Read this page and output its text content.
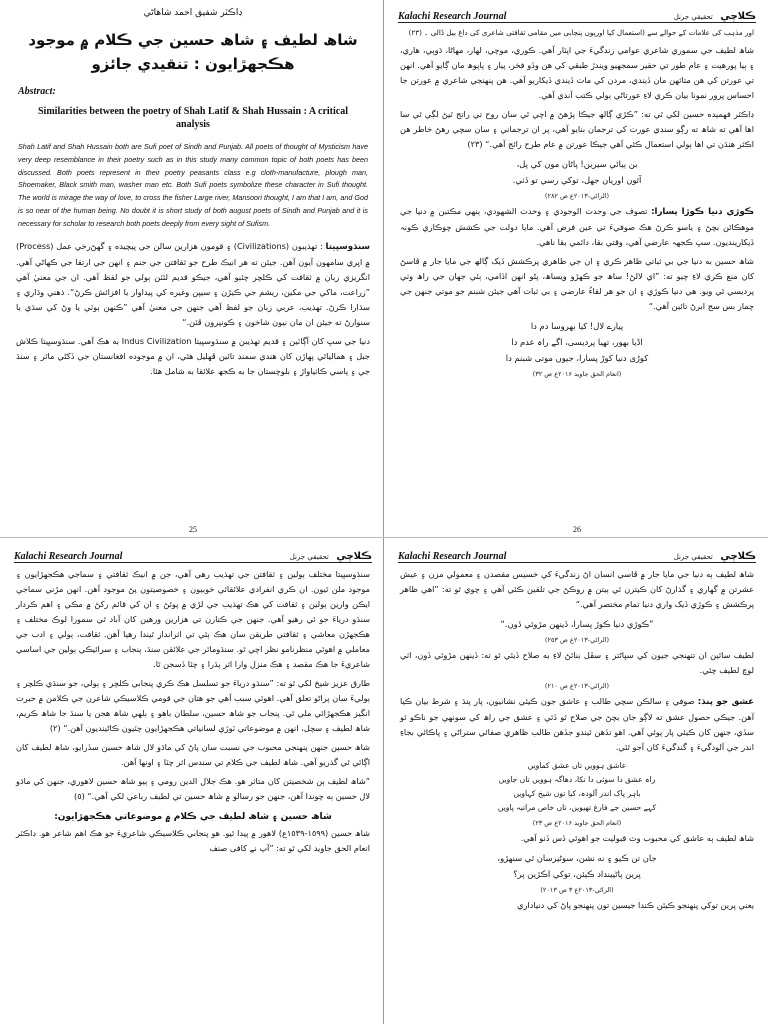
ڊاڪٽر شفيق احمد شاهاڻي
شاھ لطيف ۽ شاھ حسين جي ڪلام ۾ موجود
هڪجهڙايون : تنقيدي جائزو
Abstract:
Similarities between the poetry of Shah Latif & Shah Hussain : A critical analysis
Shah Latif and Shah Hussain both are Sufi poet of Sindh and Punjab. All poets of thought of Mysticism have very deep resemblance in their poetry such as in this study many common topic of both poets has been discussed. Both poets represent in their poetry peasants class e.g cloth-manufacture, plough man, Shoemaker, Black smith man, washer man etc. Both Sufi poets symbolize these character in Sufi thought. The world is mirage the way of love, to cross the fisher Large river, Mansoori thought, I am that I am, and God is so near of the human being. No doubt it is short study of both august poets of Sindh and Punjab and it is necessary for scholar to research both poets deeply from every sight of Sufism.
سنڌوسڀيتا : تهذيبون (Civilizations) ۽ قومون هزارين سالن جي پيچيده ۽ گهڻ‌رخي عمل (Process) ۾ اڀري سامهون آيون آهن. جيئن ته هر انيڪ طرح جو ثقافتن جي جنم ۽ انهن جي ارتقا جي ڪهاڻي آهي. انگريزي زبان ۾ ثقافت کي ڪلچر چئبو آهي، جيڪو قديم لئٽن ٻولي جو لفظ آهي. ان جي معنيٰ آهي ”زراعت، ماکي جي مکين، ريشم جي ڪيڙن ۽ سيپن وغيره کي پيداوار يا افزائش ڪرڻ“. ذهني وڌاري ۽ سڌارا ڪرڻ. تهذيب، عربي زبان جو لفظ آهي جنهن جي معنيٰ آهي ”ڪنهن ٻوٽي يا وڻ کي سڌي يا سنوارڻ ته جيئن ان مان نيون شاخون ۽ ڪونپرون ڦٽن.“
دنيا جي سڀ کان آڳاٽين ۽ قديم تهذيبن ۾ سنڌوسڀيتا Indus Civilization به هڪ آهي. سنڌوسڀيتا ڪلاش جبل ۽ هماليائي پهاڙن کان هندي سمنڊ تائين ڦهليل هئي، ان ۾ موجوده افغانستان جي ڏکڻي ماٿر ۽ سنڌ جي ۽ پاسي ڪاٺياواڙ ۽ بلوچستان جا به ڪجھ علائقا به شامل هئا.
25
Kalachi Research Journal	ڪلاچي تحقيقي جرنل
اور مذہب کی علامات کے حوالے سے (استعمال کیا اوریوں پنجابی میں مقامی ثقافتی شاعری کی داغ بیل ڈالی ۔ (۲۳)
شاھ لطيف جي سموري شاعري عوامي زندگيءَ جي اپٽار آهي. ڪوري، موچي، لهار، مهاڻا، ڌوٻي، هاري، ۽ ٻيا پورهيت ۽ عام طور تي حقير سمجهيو ويندڙ طبقي کي هن وڏو فخر، پيار ۽ پاپوھ مان ڳايو آهي. انهن تي عورتن کي هن متاثهن مان ڏيندي، مردن کي مات ڏيندي ڏيکاريو آهي. هن پنهنجي شاعري ۾ عورتن جا احساس پرور نمونا بيان ڪري لاءِ عورتاڻي ٻولي ڪتب آندي آهي.
ڊاڪٽر فهميده حسين لکي ٿي ته: ”ڪڙي ڳالھ جيڪا پڙهڻ ۾ اچي ٿي سان روح تي راتج ٿيڻ لڳي ٿي سا اها آهي ته شاھ ته رڳو سندي عورت کي ترجمان بنايو آهي، پر ان ترجماني ۽ سان سچي رهڻ خاطر هن اڪثر هنڌن تي اها ٻولي استعمال ڪئي آهي جيڪا عورتن ۾ عام طرح رائج آهي.“ (٢٣)
بن ٻيائي سيرين! پاڻان مون کي پل،
آئون اوريان جهل، توکي رسي تو ڏٺي.
(الراڻي-٢٠١٣ع ص ٢٨٢)
ڪوڙي دنيا ڪوڙا پسارا: تصوف جي وحدت الوجودي ۽ وحدت الشهودي، ٻنهي مڪتبن ۾ دنيا جي موهڪائن بچڻ ۽ ياسو ڪرڻ هڪ صوفيءَ تي عين فرض آهي. مايا دولت جي ڪشش چوڪاري ڪونہ ڏيکارينديون. سڀ ڪجهہ عارضي آهي، وقتي بقا، دائمي بقا ناهي.
شاھ حسين به دنيا جي بي ثباتي ظاهر ڪري ۽ ان جي ظاهري پرڪشش ڏيک ڳالھ جي مايا جار ۾ ڦاسڻ کان منع ڪري لاءِ چيو ته: ”اي لالڻ! ساھ جو ڪهڙو ويساھ، پڻو انهن اڏامي، ٻئي جهان جي راھ وٺي پرديسي ٿي ويو. هي دنيا ڪوڙي ۽ ان جو هر لقاءُ عارضي ۽ بي ثبات آهي جيئن شبنم جو موتي جنهن جي چمار بس سج ابرڻ تائين آهي.“
پیارے لال! کیا بھروسا دم دا
اڈیا بھور، تھیا پردیسی، اگے راہ عدم دا
کوڑی دنیا کوڑ پسارا، جیوں موتی شبنم دا
(انعام الحق جاوید ۲۰۱۶ع ص ۳۲)
26
Kalachi Research Journal	ڪلاچي تحقيقي جرنل
سنڌوسڀيتا مختلف ٻولين ۽ ثقافتن جي تهذيب رهي آهي، جن ۾ انيڪ ثقافتي ۽ سماجي هڪجهڙايون ۽ موجود ملن ٿيون. ان ڪري انفرادي علائقائي خوبيون ۽ خصوصيتون پڻ موجود آهن. انهن مڙني سماجي ايڪن وارين ٻولين ۽ ثقافت کي هڪ تهذيب جي لڙي ۾ پوئڻ ۽ ان کي قائم رکڻ ۾ مڪي ۽ اهم ڪردار سنڌو درياءَ جو ئي رهيو آهي. جنهن جي ڪنارن تي هزارين ورهين کان آباد ٿي سمورا لوڪ مختلف ۽ هڪجهڙن معاشي ۽ ثقافتي طريقن سان هڪ ٻئي تي اثرانداز ٿيندا رهيا آهن. ثقافت، ٻولي ۽ ادب جي معاملي ۾ اهوئي منظرنامو نظر اچي ٿو. سنڌوماٿر جي علائقن سنڌ، پنجاب ۽ سرائيڪي ٻولين جي اساسي شاعريءَ جا هڪ مقصد ۽ هڪ منزل وارا اثر پڌرا ۽ چٽا ڏسجن ٿا.
طارق عزيز شيخ لکي ٿو ته: ”سنڌو درياءَ جو تسلسل هڪ ڪري پنجابي ڪلچر ۽ ٻولي، جو سنڌي ڪلچر ۽ ٻوليءَ سان پراڻو تعلق آهي. اهوئي سبب آهي جو هتان جي قومي ڪلاسيڪي شاعرن جي ڪلامن ۾ حيرت انگيز هڪجهڙائي ملي ٿي. پنجاب جو شاھ حسين، سلطان باهو ۽ ٻلهي شاھ هجن يا سنڌ جا شاھ ڪريم، شاھ لطيف ۽ سچل، انهن ۾ موضوعاتي ٽوڙي لسانياتي هڪجهڙايون چٽيون ڪاڻينديون آهن.“ (٢)
شاھ حسين جنهن پنهنجي محبوب جي نسبت سان پاڻ کي ماڌو لال شاھ حسين سڏرايو، شاھ لطيف کان اڳائي ٿي گذريو آهي. شاھ لطيف جي ڪلام تي سندس اثر چٽا ۽ اونها آهن.
”شاھ لطيف ٻن شخصيتن کان متاثر هو. هڪ جلال الدين رومي ۽ ٻيو شاھ حسين لاهوري، جنهن کي ماڌو لال حسين ٻه چوندا آهن، جنهن جو رسالو ۾ شاھ حسين تي لطيف رباعي لکي آهي.“ (٥)
شاھ حسين ۽ شاھ لطيف جي ڪلام ۾ موضوعاتي هڪجهڙايون:
شاھ حسين (١٥٩٩-١٥٣٩ع) لاهور ۾ پيدا ٿيو. هو پنجابي ڪلاسيڪي شاعريءَ جو هڪ اهم شاعر هو. ڊاڪٽر انعام الحق جاويد لکي ٿو ته: ”آپ نے کافی صنف
Kalachi Research Journal	ڪلاچي تحقيقي جرنل
شاھ لطيف ٻه دنيا جي مايا جار ۾ ڦاسي انسان اڻ زندگيءَ کي خسيس مقصدن ۽ معمولي مزن ۽ عيش عشرتن ۾ گهاري ۽ گذارڻ کان ڪيترن ئي ٻيتن ۾ روڪڻ جي تلقين ڪئي آهي ۽ چوي ٿو ته: ”اهي ظاهر پرڪشش ۽ ڪوڙي ڏيک واري دنيا تمام مختصر آهي.“
”ڪوڙي دنيا ڪوڙ پسارا، ڏينهن مڙوئي ڏون.“
(الراڻي-٢٠١٣ع ص ٢٥٣)
لطيف سائين ان تنهنجي جيون کي سڀاڻتر ۽ سڦل بنائڻ لاءِ به صلاح ڏيئي ٿو ته: ڏينهن مڙوئي ڏون، اثي لوچ لطيف چئي.
(الراڻي-٢٠١٣ع ص ٢١٠)
عشق جو پنڌ: صوفي ۽ سالڪن سچي طالب ۽ عاشق جون ڪيئي نشانيون، پار پنڌ ۽ شرط بيان ڪيا آهن. جيڪي حصول عشق ته لاڳو جان بچڻ جي صلاح ٿو ڏئي ۽ عشق جي راھ کي سونهي جو ناڪو ٿو سڏي، جنهن کان ڪيئي پار پوئي آهي. اهو تڏهن ٿيندو جڏهن طالب ظاهري صفائي ستراڻي ۽ پاڪائي بجاءِ اندر جي آلودگيءَ ۽ گندگيءَ کان آجو ٿئي.
عاشق ہوویں تاں عشق کماویں
راہ عشق دا سوئی دا نکا، دھاگہ ہوویں تاں جاویں
باہر پاک اندر آلودہ، کیا توں شیخ کہاویں
کہے حسین جے فارغ تھیویں، تاں خاص مراتبہ پاویں
(انعام الحق جاوید ۲۰۱۶ع ص ۲۳)
شاھ لطيف ٻه عاشق کي محبوب وٽ قبوليت جو اهوئي ڏس ڏنو آهي.
جان تن ڪيو ۽ نه نشن، سوڻيرسان ٿي سنهڙو،
پرين پاڻيينداد ڪيئن، توکي اڪڙين پر؟
(الراڻي-٢٠١٣ع ٣ ص ٢٠١٣)
يعني پرين توکي پنهنجو ڪيئن ڪندا جيسين تون پنهنجو پاڻ کي دنياداري
